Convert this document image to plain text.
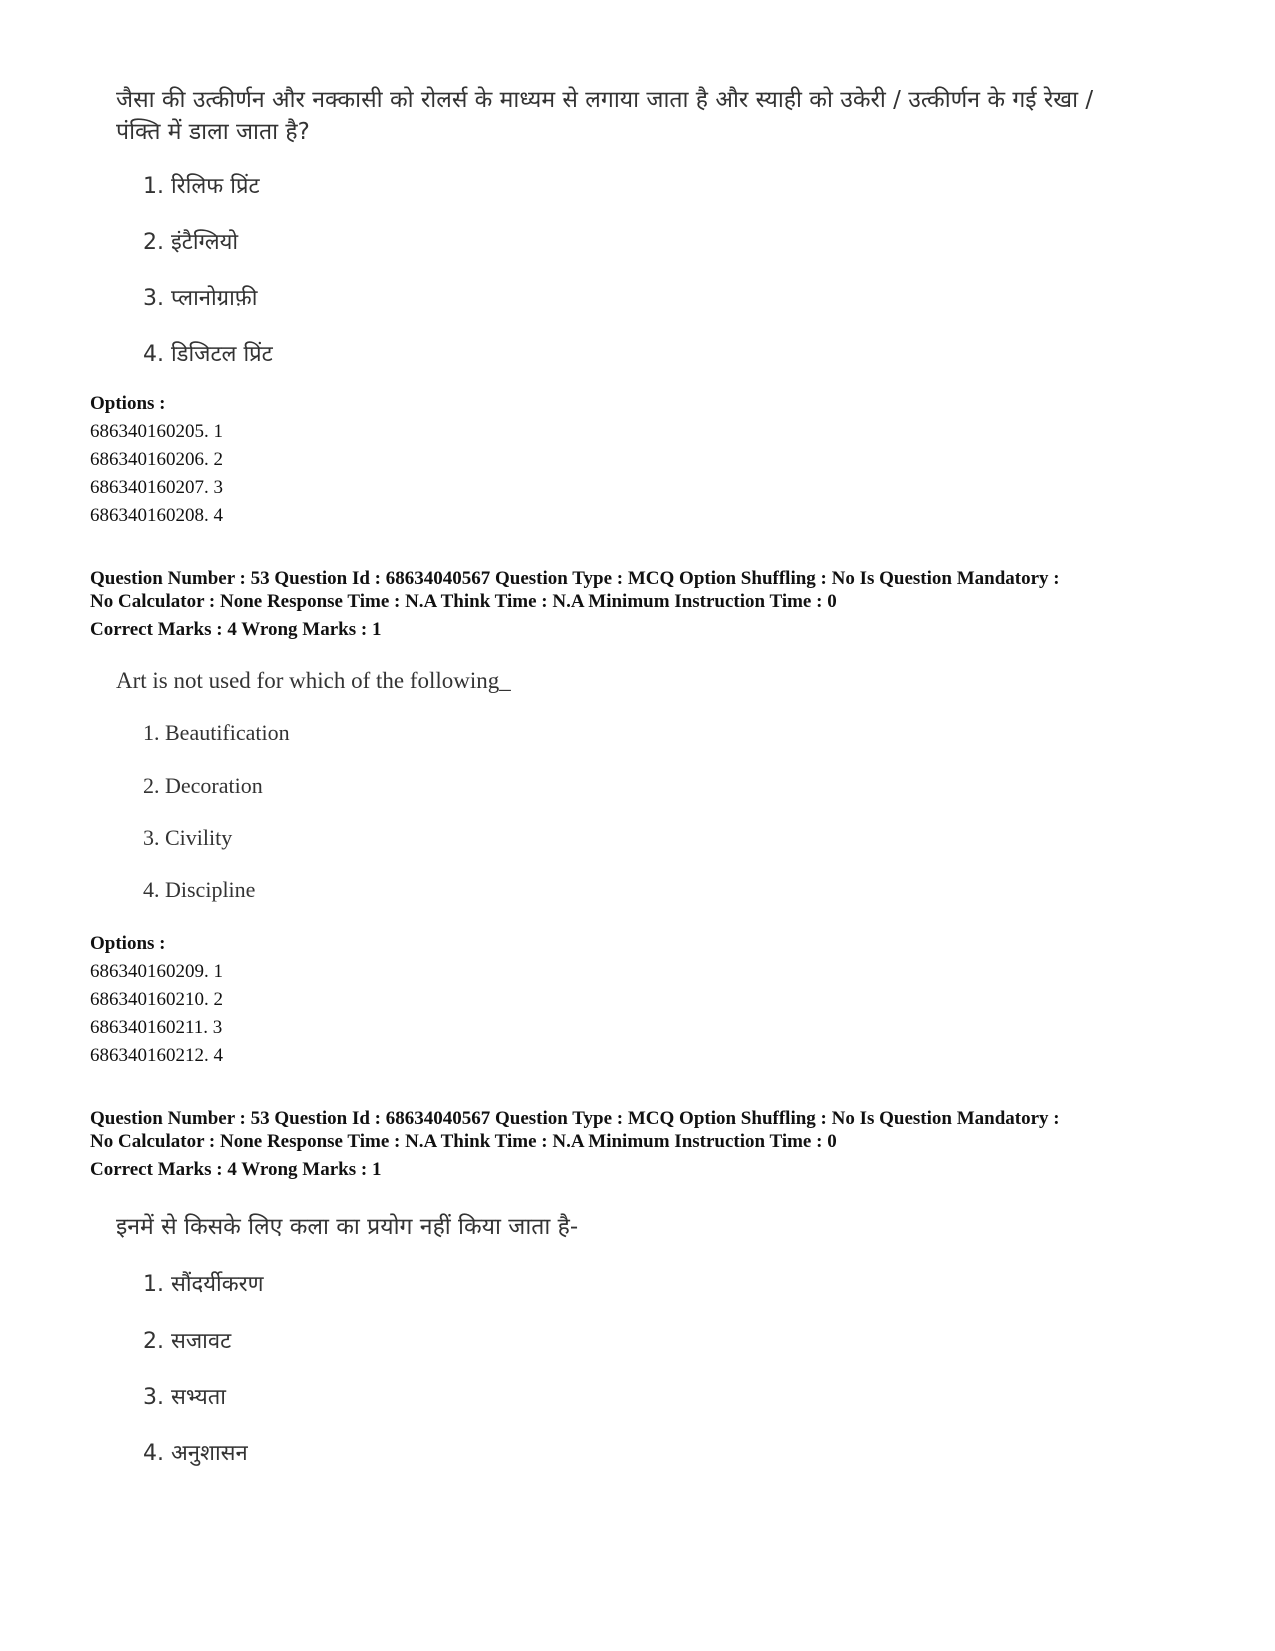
जैसा की उत्कीर्णन और नक्कासी को रोलर्स के माध्यम से लगाया जाता है और स्याही को उकेरी / उत्कीर्णन के गई रेखा /
पंक्ति में डाला जाता है?
1. रिलिफ प्रिंट
2. इंटैग्लियो
3. प्लानोग्राफ़ी
4. डिजिटल प्रिंट
Options :
686340160205. 1
686340160206. 2
686340160207. 3
686340160208. 4
Question Number : 53 Question Id : 68634040567 Question Type : MCQ Option Shuffling : No Is Question Mandatory :
No Calculator : None Response Time : N.A Think Time : N.A Minimum Instruction Time : 0
Correct Marks : 4 Wrong Marks : 1
Art is not used for which of the following_
1. Beautification
2. Decoration
3. Civility
4. Discipline
Options :
686340160209. 1
686340160210. 2
686340160211. 3
686340160212. 4
Question Number : 53 Question Id : 68634040567 Question Type : MCQ Option Shuffling : No Is Question Mandatory :
No Calculator : None Response Time : N.A Think Time : N.A Minimum Instruction Time : 0
Correct Marks : 4 Wrong Marks : 1
इनमें से किसके लिए कला का प्रयोग नहीं किया जाता है-
1. सौंदर्यीकरण
2. सजावट
3. सभ्यता
4. अनुशासन
